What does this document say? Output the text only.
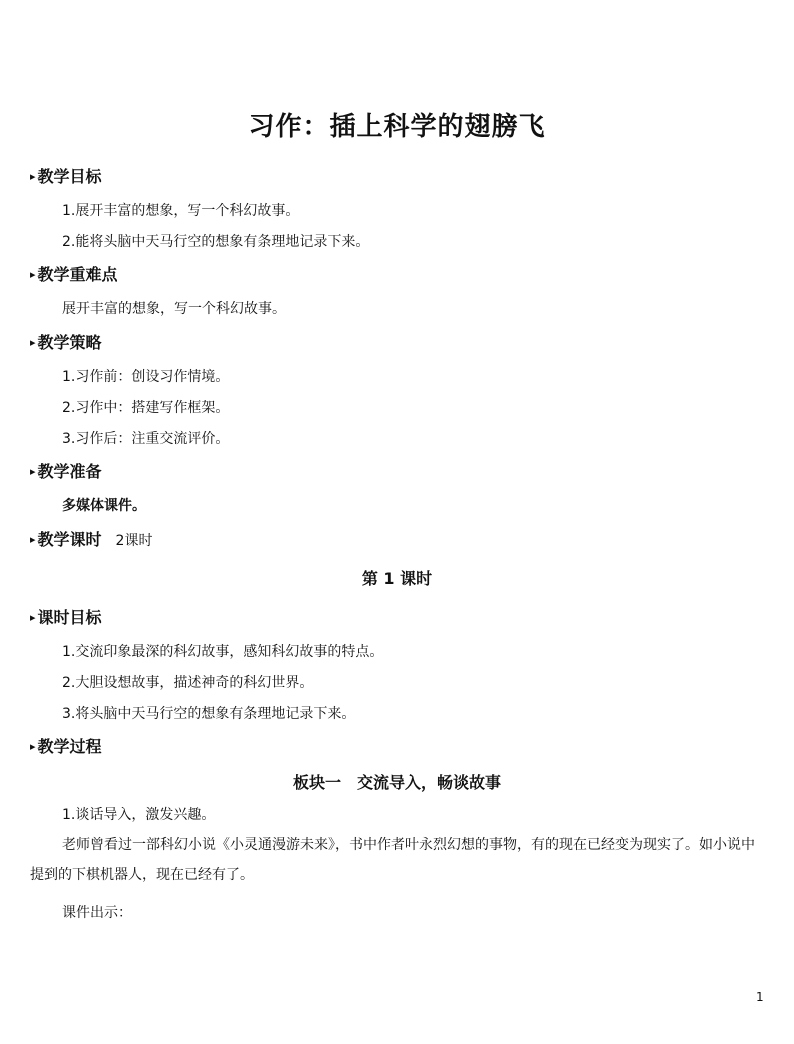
习作：插上科学的翅膀飞
▸ 教学目标
1.展开丰富的想象，写一个科幻故事。
2.能将头脑中天马行空的想象有条理地记录下来。
▸ 教学重难点
展开丰富的想象，写一个科幻故事。
▸ 教学策略
1.习作前：创设习作情境。
2.习作中：搭建写作框架。
3.习作后：注重交流评价。
▸ 教学准备
多媒体课件。
▸ 教学课时 2课时
第 1 课时
▸ 课时目标
1.交流印象最深的科幻故事，感知科幻故事的特点。
2.大胆设想故事，描述神奇的科幻世界。
3.将头脑中天马行空的想象有条理地记录下来。
▸ 教学过程
板块一　交流导入，畅谈故事
1.谈话导入，激发兴趣。
老师曾看过一部科幻小说《小灵通漫游未来》，书中作者叶永烈幻想的事物，有的现在已经变为现实了。如小说中提到的下棋机器人，现在已经有了。
课件出示：
1
